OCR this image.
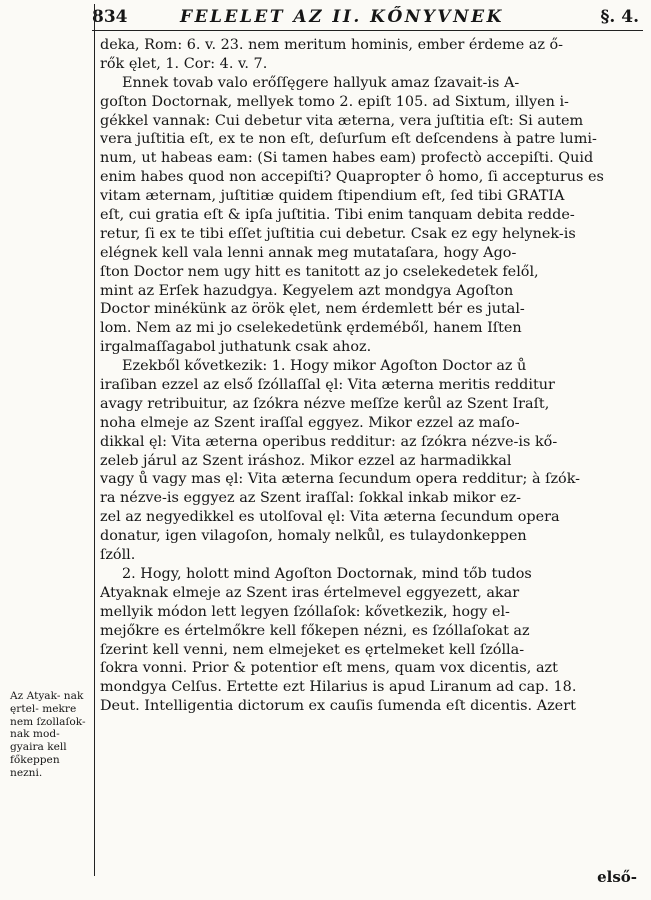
834	FELELET AZ II. KŐNYVNEK	§. 4.
deka, Rom: 6. v. 23. nem meritum hominis, ember érdeme az ő-
rők ęlet, 1. Cor: 4. v. 7.
Ennek tovab valo erőſſęgere hallyuk amaz ſzavait-is A-
goſton Doctornak, mellyek tomo 2. epiſt 105. ad Sixtum, illyen i-
gékkel vannak: Cui debetur vita æterna, vera juſtitia eſt: Si autem
vera juſtitia eſt, ex te non eſt, deſurſum eſt deſcendens à patre lumi-
num, ut habeas eam: (Si tamen habes eam) profectò accepiſti. Quid
enim habes quod non accepiſti? Quapropter ô homo, ſi accepturus es
vitam æternam, juſtitiæ quidem ſtipendium eſt, ſed tibi GRATIA
eſt, cui gratia eſt & ipſa juſtitia. Tibi enim tanquam debita redde-
retur, ſi ex te tibi eſſet juſtitia cui debetur. Csak ez egy helynek-is
elégnek kell vala lenni annak meg mutataſara, hogy Ago-
ſton Doctor nem ugy hitt es tanitott az jo cselekedetek felől,
mint az Erſek hazudgya. Kegyelem azt mondgya Agoſton
Doctor minékünk az örök ęlet, nem érdemlett bér es jutal-
lom. Nem az mi jo cselekedetünk ęrdeméből, hanem Iſten
irgalmaſſagabol juthatunk csak ahoz.
Ezekből kővetkezik: 1. Hogy mikor Agoſton Doctor az ů
iraſiban ezzel az első ſzóllaſſal ęl: Vita æterna meritis redditur
avagy retribuitur, az ſzókra nézve meſſze kerůl az Szent Iraſt,
noha elmeje az Szent iraſſal eggyez. Mikor ezzel az maſo-
dikkal ęl: Vita æterna operibus redditur: az ſzókra nézve-is kő-
zeleb járul az Szent iráshoz. Mikor ezzel az harmadikkal
vagy ů vagy mas ęl: Vita æterna ſecundum opera redditur; à ſzók-
ra nézve-is eggyez az Szent iraſſal: ſokkal inkab mikor ez-
zel az negyedikkel es utolſoval ęl: Vita æterna ſecundum opera
donatur, igen vilagoſon, homaly nelkůl, es tulaydonkeppen
ſzóll.
2. Hogy, holott mind Agoſton Doctornak, mind tőb tudos
Atyaknak elmeje az Szent iras értelmevel eggyezett, akar
mellyik módon lett legyen ſzóllaſok: kővetkezik, hogy el-
mejőkre es értelmőkre kell főkepen nézni, es ſzóllaſokat az
ſzerint kell venni, nem elmejeket es ęrtelmeket kell ſzólla-
ſokra vonni. Prior & potentior eſt mens, quam vox dicentis, azt
mondgya Celſus. Ertette ezt Hilarius is apud Liranum ad cap. 18.
Deut. Intelligentia dictorum ex cauſis ſumenda eſt dicentis. Azert
Az Atyak- nak ęrtel- mekre nem ſzollaſok- nak mod- gyaira kell főkeppen nezni.
első-
